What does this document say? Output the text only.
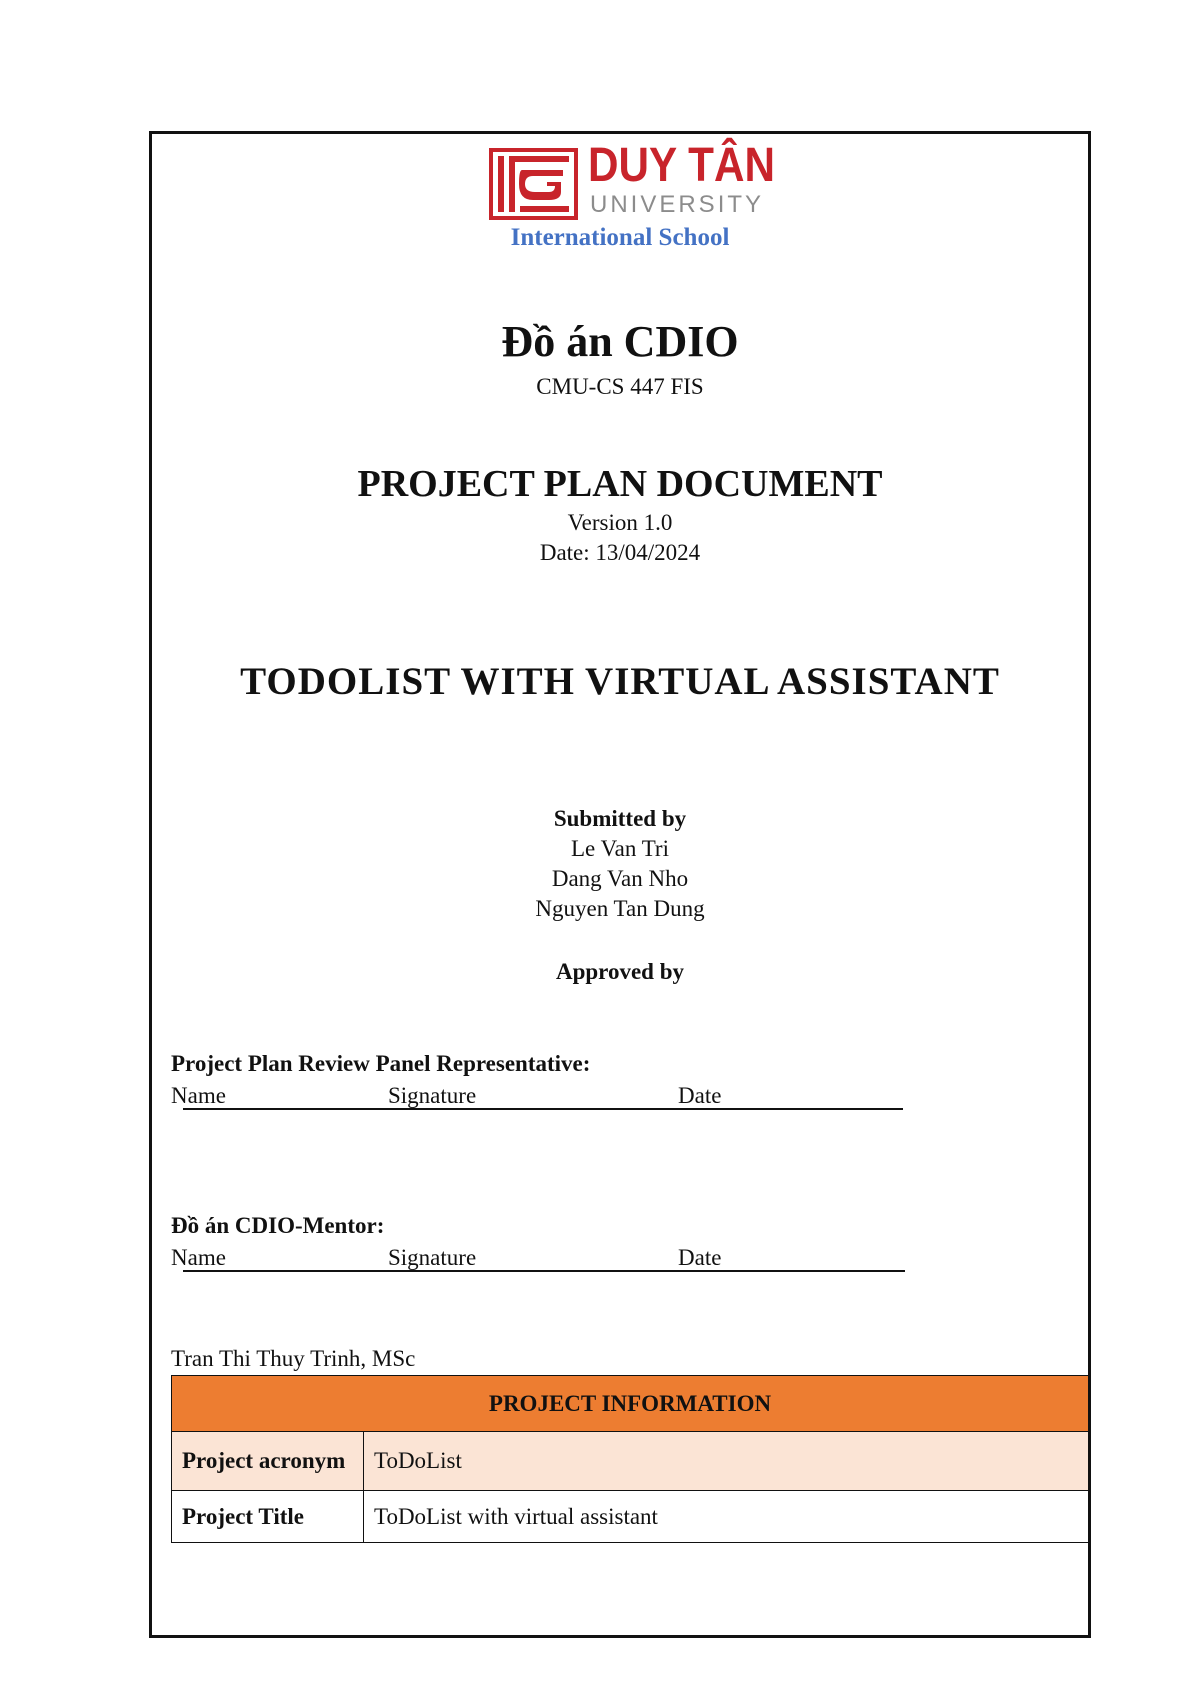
DUY TÂN
UNIVERSITY
International School
Đồ án CDIO
CMU-CS 447 FIS
PROJECT PLAN DOCUMENT
Version 1.0
Date: 13/04/2024
TODOLIST WITH VIRTUAL ASSISTANT
Submitted by
Le Van Tri
Dang Van Nho
Nguyen Tan Dung
Approved by
Project Plan Review Panel Representative:
Name	Signature	Date
Đồ án CDIO-Mentor:
Name	Signature	Date
Tran Thi Thuy Trinh, MSc
PROJECT INFORMATION	
Project acronym	ToDoList
Project Title	ToDoList with virtual assistant
